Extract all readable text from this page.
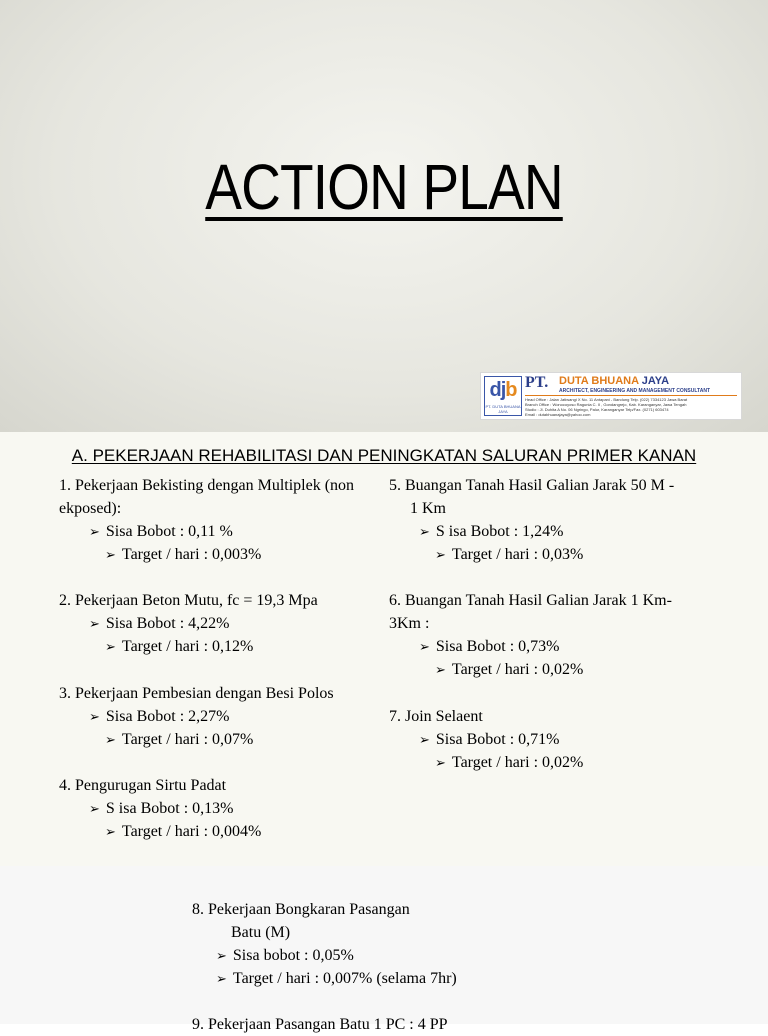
ACTION PLAN
djb
PT. DUTA BHUANA JAYA
PT. DUTA BHUANA JAYA
ARCHITECT, ENGINEERING AND MANAGEMENT CONSULTANT
Head Office : Jalan Jatiwangi X No. 11 Antapani - Bandung Telp. (022) 7334123 Jawa Barat
Branch Office : Wonocoyoso Ragunia C. II , Gondangrejo, Kab. Karanganyar, Jawa Tengah
Studio : Jl. Duhita A No. 06 Ngringo, Palur, Karanganyar Telp/Fax. (0271) 603474
Email : dutabhuanajaya@yahoo.com
A. PEKERJAAN REHABILITASI DAN PENINGKATAN SALURAN PRIMER KANAN
1. Pekerjaan Bekisting dengan Multiplek (non
ekposed):
➢ Sisa Bobot : 0,11 %
➢ Target / hari : 0,003%
2. Pekerjaan Beton Mutu, fc = 19,3 Mpa
➢ Sisa Bobot : 4,22%
➢ Target / hari : 0,12%
3. Pekerjaan Pembesian dengan Besi Polos
➢ Sisa Bobot : 2,27%
➢ Target / hari : 0,07%
4. Pengurugan Sirtu Padat
➢ S isa Bobot : 0,13%
➢ Target / hari : 0,004%
5. Buangan Tanah Hasil Galian Jarak 50 M -
1 Km
➢ S isa Bobot : 1,24%
➢ Target / hari : 0,03%
6. Buangan Tanah Hasil Galian Jarak 1 Km-
3Km :
➢ Sisa Bobot : 0,73%
➢ Target / hari : 0,02%
7. Join Selaent
➢ Sisa Bobot : 0,71%
➢ Target / hari : 0,02%
8. Pekerjaan Bongkaran Pasangan
Batu (M)
➢ Sisa bobot : 0,05%
➢ Target / hari : 0,007% (selama 7hr)
9. Pekerjaan Pasangan Batu 1 PC : 4 PP
